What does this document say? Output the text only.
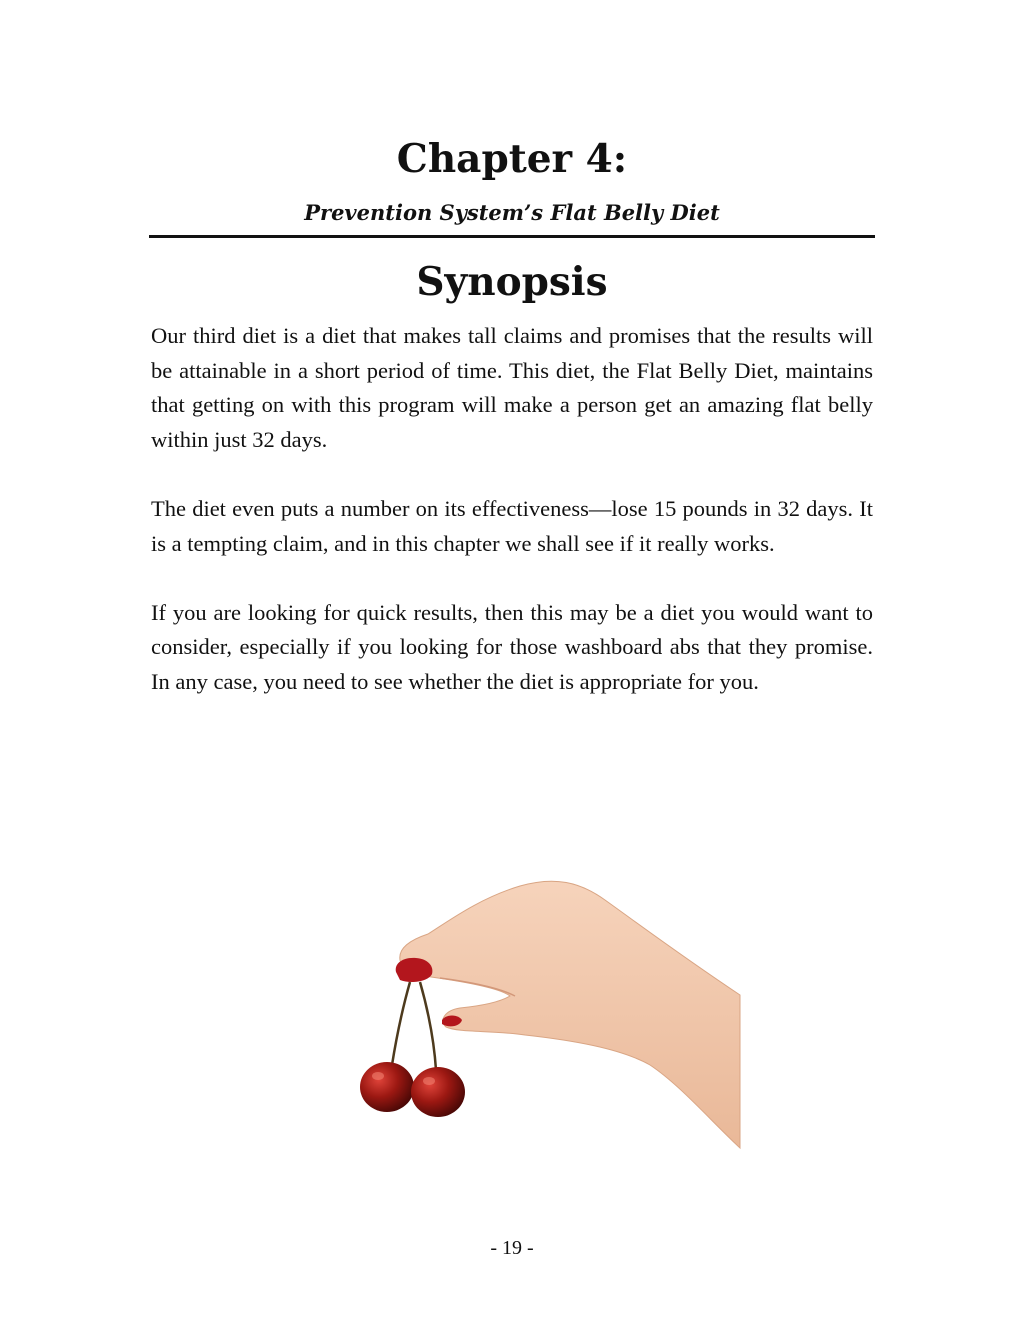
Chapter 4:
Prevention System’s Flat Belly Diet
Synopsis

Our third diet is a diet that makes tall claims and promises that the results will be attainable in a short period of time. This diet, the Flat Belly Diet, maintains that getting on with this program will make a person get an amazing flat belly within just 32 days.

The diet even puts a number on its effectiveness—lose 15 pounds in 32 days. It is a tempting claim, and in this chapter we shall see if it really works.

If you are looking for quick results, then this may be a diet you would want to consider, especially if you looking for those washboard abs that they promise. In any case, you need to see whether the diet is appropriate for you.

- 19 -
